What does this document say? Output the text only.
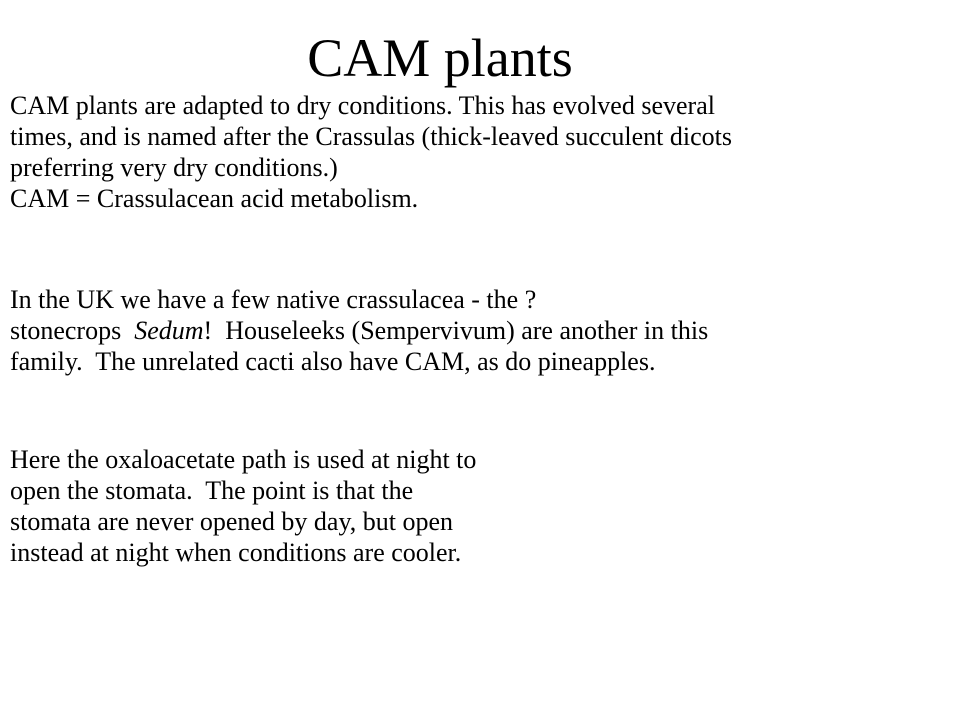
CAM plants
CAM plants are adapted to dry conditions. This has evolved several
times, and is named after the Crassulas (thick-leaved succulent dicots
preferring very dry conditions.)
CAM = Crassulacean acid metabolism.
In the UK we have a few native crassulacea - the ?
stonecrops  Sedum!  Houseleeks (Sempervivum) are another in this
family.  The unrelated cacti also have CAM, as do pineapples.
Here the oxaloacetate path is used at night to
open the stomata.  The point is that the
stomata are never opened by day, but open
instead at night when conditions are cooler.
